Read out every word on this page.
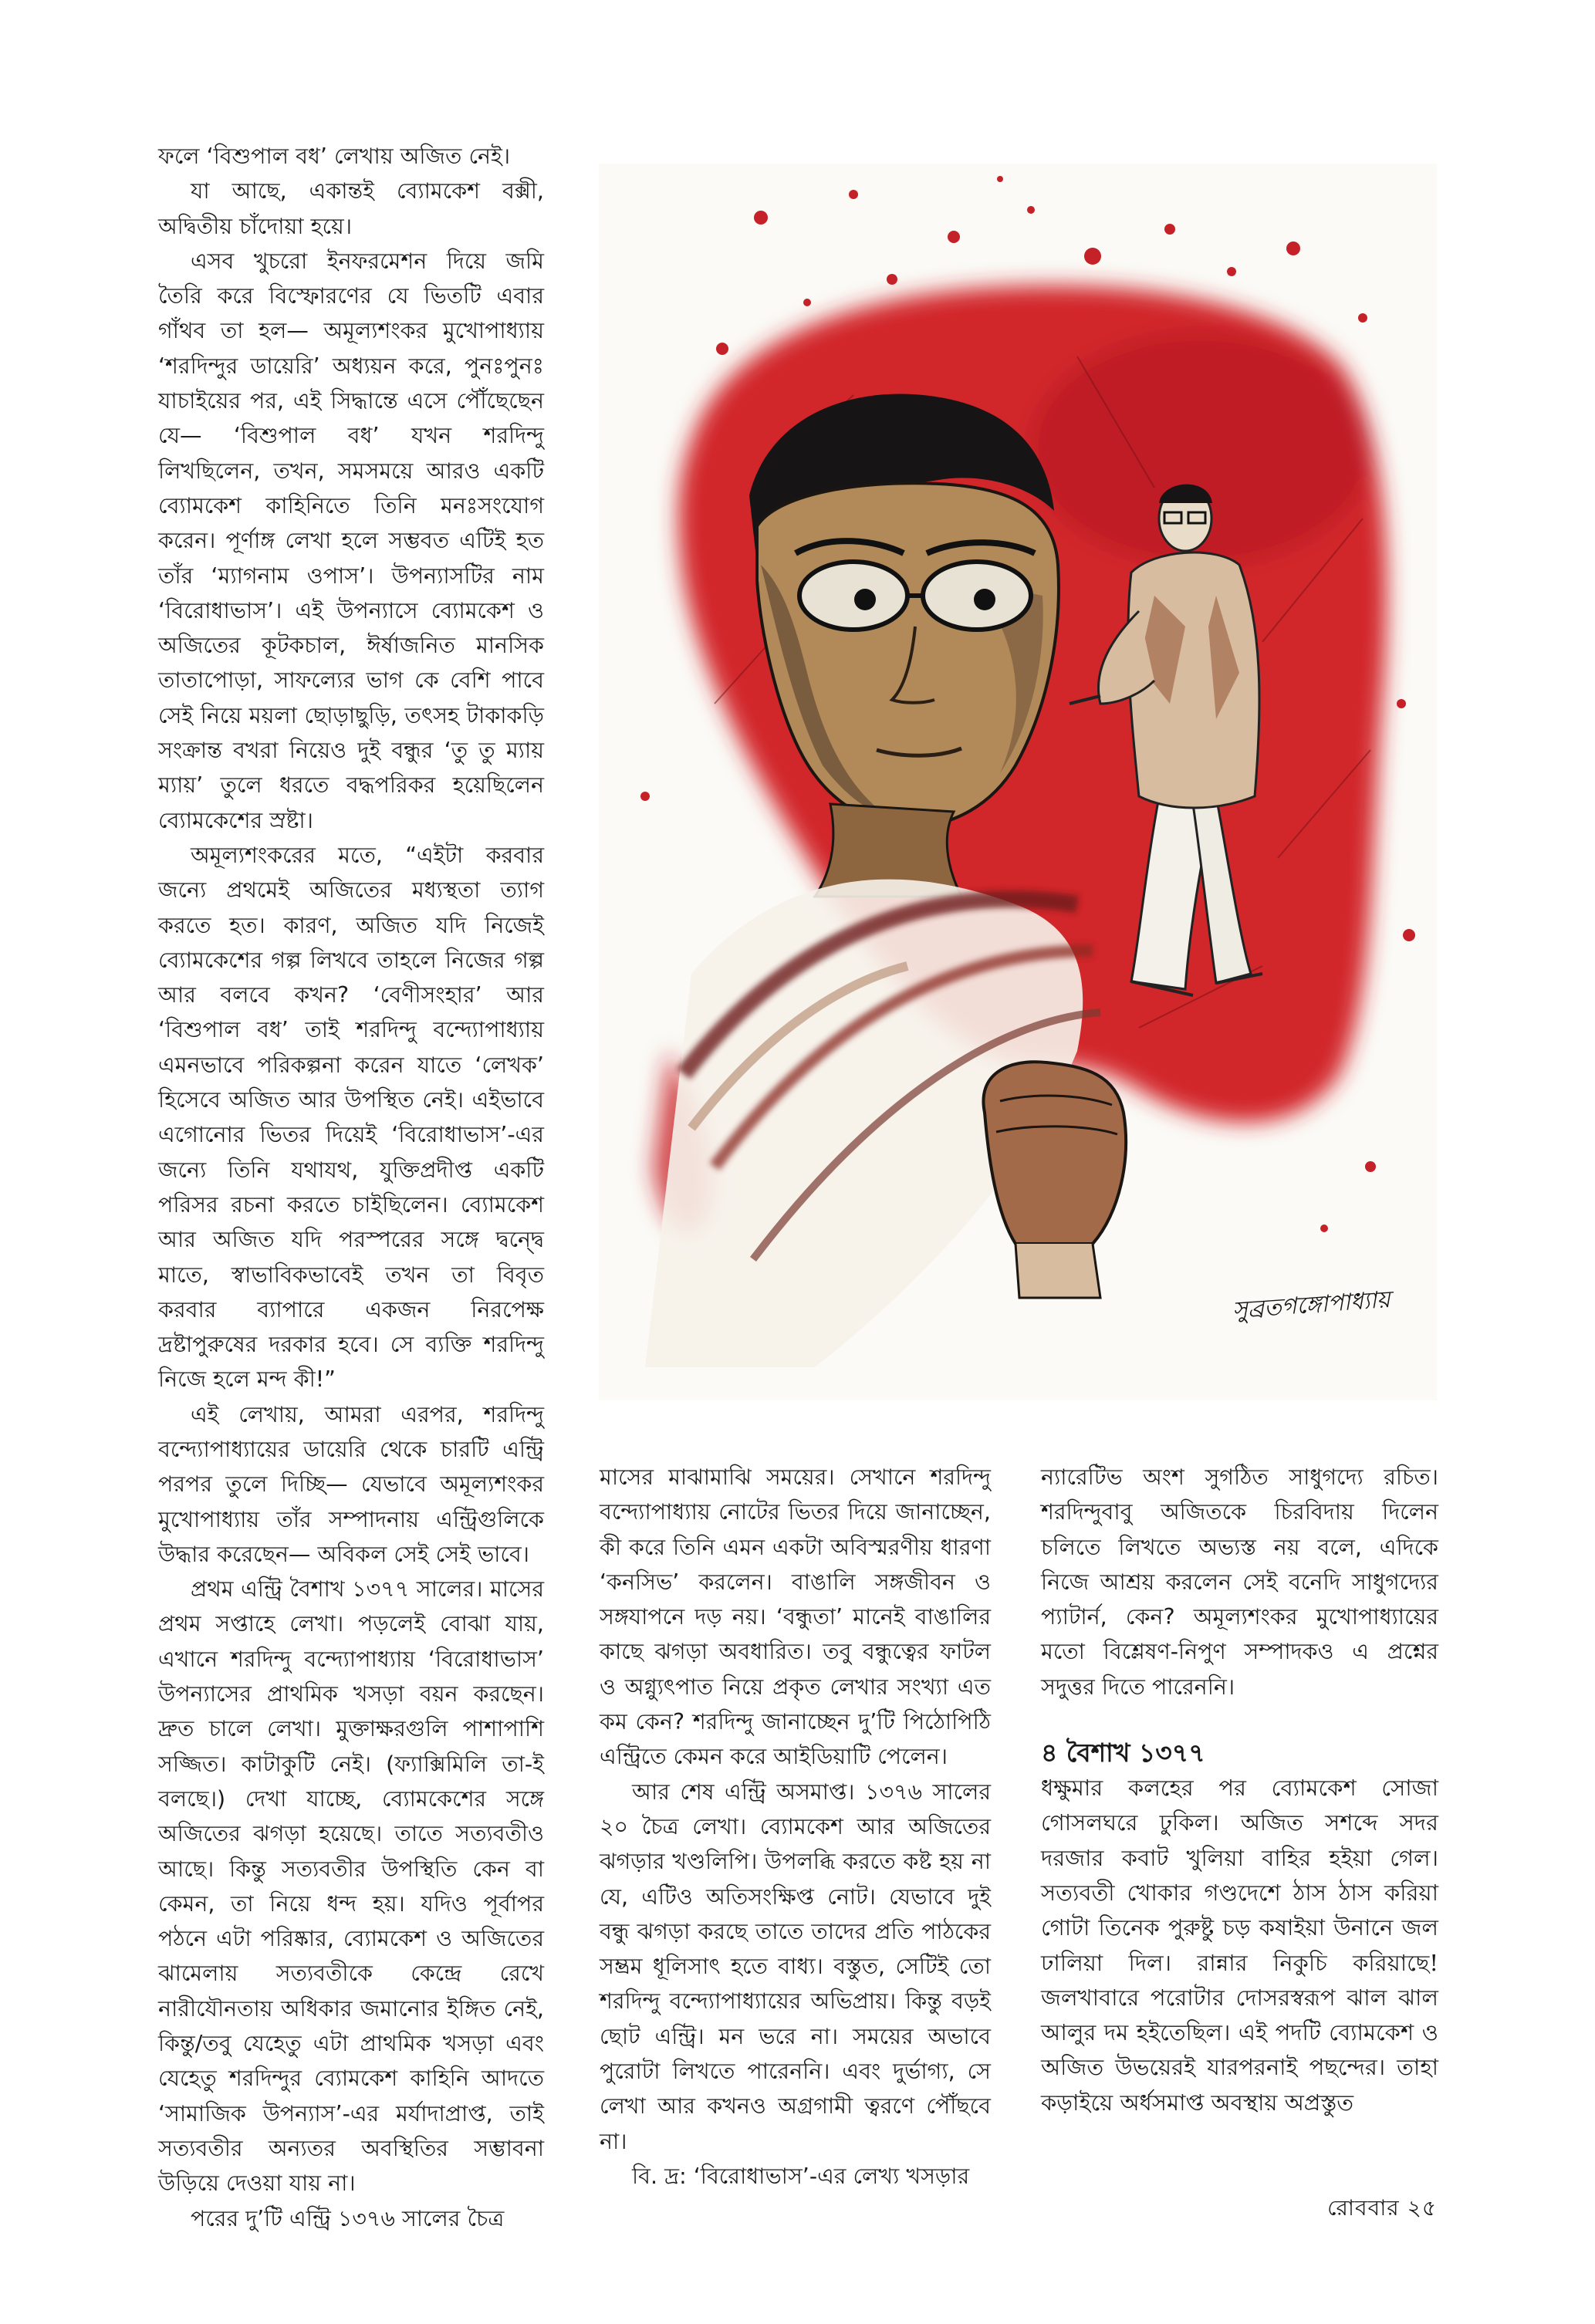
ফলে ‘বিশুপাল বধ’ লেখায় অজিত নেই।

যা আছে, একান্তই ব্যোমকেশ বক্সী, অদ্বিতীয় চাঁদোয়া হয়ে।

এসব খুচরো ইনফরমেশন দিয়ে জমি তৈরি করে বিস্ফোরণের যে ভিতটি এবার গাঁথব তা হল— অমূল্যশংকর মুখোপাধ্যায় ‘শরদিন্দুর ডায়েরি’ অধ্যয়ন করে, পুনঃপুনঃ যাচাইয়ের পর, এই সিদ্ধান্তে এসে পৌঁছেছেন যে— ‘বিশুপাল বধ’ যখন শরদিন্দু লিখছিলেন, তখন, সমসময়ে আরও একটি ব্যোমকেশ কাহিনিতে তিনি মনঃসংযোগ করেন। পূর্ণাঙ্গ লেখা হলে সম্ভবত এটিই হত তাঁর ‘ম্যাগনাম ওপাস’। উপন্যাসটির নাম ‘বিরোধাভাস’। এই উপন্যাসে ব্যোমকেশ ও অজিতের কূটকচাল, ঈর্ষাজনিত মানসিক তাতাপোড়া, সাফল্যের ভাগ কে বেশি পাবে সেই নিয়ে ময়লা ছোড়াছুড়ি, তৎসহ টাকাকড়ি সংক্রান্ত বখরা নিয়েও দুই বন্ধুর ‘তু তু ম্যায় ম্যায়’ তুলে ধরতে বদ্ধপরিকর হয়েছিলেন ব্যোমকেশের স্রষ্টা।

অমূল্যশংকরের মতে, “এইটা করবার জন্যে প্রথমেই অজিতের মধ্যস্থতা ত্যাগ করতে হত। কারণ, অজিত যদি নিজেই ব্যোমকেশের গল্প লিখবে তাহলে নিজের গল্প আর বলবে কখন? ‘বেণীসংহার’ আর ‘বিশুপাল বধ’ তাই শরদিন্দু বন্দ্যোপাধ্যায় এমনভাবে পরিকল্পনা করেন যাতে ‘লেখক’ হিসেবে অজিত আর উপস্থিত নেই। এইভাবে এগোনোর ভিতর দিয়েই ‘বিরোধাভাস’-এর জন্যে তিনি যথাযথ, যুক্তিপ্রদীপ্ত একটি পরিসর রচনা করতে চাইছিলেন। ব্যোমকেশ আর অজিত যদি পরস্পরের সঙ্গে দ্বন্দ্বে মাতে, স্বাভাবিকভাবেই তখন তা বিবৃত করবার ব্যাপারে একজন নিরপেক্ষ দ্রষ্টাপুরুষের দরকার হবে। সে ব্যক্তি শরদিন্দু নিজে হলে মন্দ কী!”

এই লেখায়, আমরা এরপর, শরদিন্দু বন্দ্যোপাধ্যায়ের ডায়েরি থেকে চারটি এন্ট্রি পরপর তুলে দিচ্ছি— যেভাবে অমূল্যশংকর মুখোপাধ্যায় তাঁর সম্পাদনায় এন্ট্রিগুলিকে উদ্ধার করেছেন— অবিকল সেই সেই ভাবে।

প্রথম এন্ট্রি বৈশাখ ১৩৭৭ সালের। মাসের প্রথম সপ্তাহে লেখা। পড়লেই বোঝা যায়, এখানে শরদিন্দু বন্দ্যোপাধ্যায় ‘বিরোধাভাস’ উপন্যাসের প্রাথমিক খসড়া বয়ন করছেন। দ্রুত চালে লেখা। মুক্তাক্ষরগুলি পাশাপাশি সজ্জিত। কাটাকুটি নেই। (ফ্যাক্সিমিলি তা-ই বলছে।) দেখা যাচ্ছে, ব্যোমকেশের সঙ্গে অজিতের ঝগড়া হয়েছে। তাতে সত্যবতীও আছে। কিন্তু সত্যবতীর উপস্থিতি কেন বা কেমন, তা নিয়ে ধন্দ হয়। যদিও পূর্বাপর পঠনে এটা পরিষ্কার, ব্যোমকেশ ও অজিতের ঝামেলায় সত্যবতীকে কেন্দ্রে রেখে নারীযৌনতায় অধিকার জমানোর ইঙ্গিত নেই, কিন্তু/তবু যেহেতু এটা প্রাথমিক খসড়া এবং যেহেতু শরদিন্দুর ব্যোমকেশ কাহিনি আদতে ‘সামাজিক উপন্যাস’-এর মর্যাদাপ্রাপ্ত, তাই সত্যবতীর অন্যতর অবস্থিতির সম্ভাবনা উড়িয়ে দেওয়া যায় না।

পরের দু’টি এন্ট্রি ১৩৭৬ সালের চৈত্র

সুব্রতগঙ্গোপাধ্যায়

মাসের মাঝামাঝি সময়ের। সেখানে শরদিন্দু বন্দ্যোপাধ্যায় নোটের ভিতর দিয়ে জানাচ্ছেন, কী করে তিনি এমন একটা অবিস্মরণীয় ধারণা ‘কনসিভ’ করলেন। বাঙালি সঙ্গজীবন ও সঙ্গযাপনে দড় নয়। ‘বন্ধুতা’ মানেই বাঙালির কাছে ঝগড়া অবধারিত। তবু বন্ধুত্বের ফাটল ও অগ্ন্যুৎপাত নিয়ে প্রকৃত লেখার সংখ্যা এত কম কেন? শরদিন্দু জানাচ্ছেন দু’টি পিঠোপিঠি এন্ট্রিতে কেমন করে আইডিয়াটি পেলেন।

আর শেষ এন্ট্রি অসমাপ্ত। ১৩৭৬ সালের ২০ চৈত্র লেখা। ব্যোমকেশ আর অজিতের ঝগড়ার খণ্ডলিপি। উপলব্ধি করতে কষ্ট হয় না যে, এটিও অতিসংক্ষিপ্ত নোট। যেভাবে দুই বন্ধু ঝগড়া করছে তাতে তাদের প্রতি পাঠকের সম্ভ্রম ধূলিসাৎ হতে বাধ্য। বস্তুত, সেটিই তো শরদিন্দু বন্দ্যোপাধ্যায়ের অভিপ্রায়। কিন্তু বড়ই ছোট এন্ট্রি। মন ভরে না। সময়ের অভাবে পুরোটা লিখতে পারেননি। এবং দুর্ভাগ্য, সে লেখা আর কখনও অগ্রগামী ত্বরণে পৌঁছবে না।

বি. দ্র: ‘বিরোধাভাস’-এর লেখ্য খসড়ার

ন্যারেটিভ অংশ সুগঠিত সাধুগদ্যে রচিত। শরদিন্দুবাবু অজিতকে চিরবিদায় দিলেন চলিতে লিখতে অভ্যস্ত নয় বলে, এদিকে নিজে আশ্রয় করলেন সেই বনেদি সাধুগদ্যের প্যাটার্ন, কেন? অমূল্যশংকর মুখোপাধ্যায়ের মতো বিশ্লেষণ-নিপুণ সম্পাদকও এ প্রশ্নের সদুত্তর দিতে পারেননি।

৪ বৈশাখ ১৩৭৭

ধক্ষুমার কলহের পর ব্যোমকেশ সোজা গোসলঘরে ঢুকিল। অজিত সশব্দে সদর দরজার কবাট খুলিয়া বাহির হইয়া গেল। সত্যবতী খোকার গণ্ডদেশে ঠাস ঠাস করিয়া গোটা তিনেক পুরুষ্টু চড় কষাইয়া উনানে জল ঢালিয়া দিল। রান্নার নিকুচি করিয়াছে! জলখাবারে পরোটার দোসরস্বরূপ ঝাল ঝাল আলুর দম হইতেছিল। এই পদটি ব্যোমকেশ ও অজিত উভয়েরই যারপরনাই পছন্দের। তাহা কড়াইয়ে অর্ধসমাপ্ত অবস্থায় অপ্রস্তুত

রোববার ২৫
